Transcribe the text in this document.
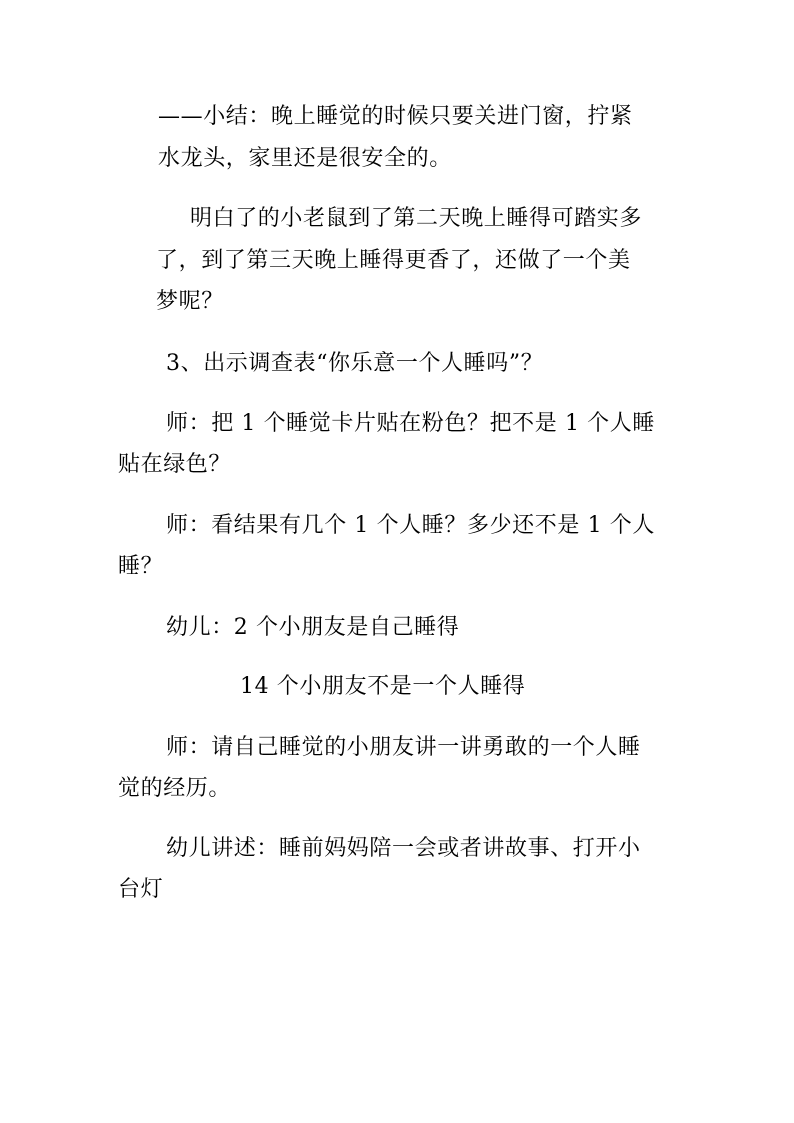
——小结：晚上睡觉的时候只要关进门窗，拧紧
水龙头，家里还是很安全的。
明白了的小老鼠到了第二天晚上睡得可踏实多
了，到了第三天晚上睡得更香了，还做了一个美
梦呢？
3、出示调查表“你乐意一个人睡吗”？
师：把 1 个睡觉卡片贴在粉色？把不是 1 个人睡
贴在绿色？
师：看结果有几个 1 个人睡？多少还不是 1 个人
睡？
幼儿：2 个小朋友是自己睡得
14 个小朋友不是一个人睡得
师：请自己睡觉的小朋友讲一讲勇敢的一个人睡
觉的经历。
幼儿讲述：睡前妈妈陪一会或者讲故事、打开小
台灯
